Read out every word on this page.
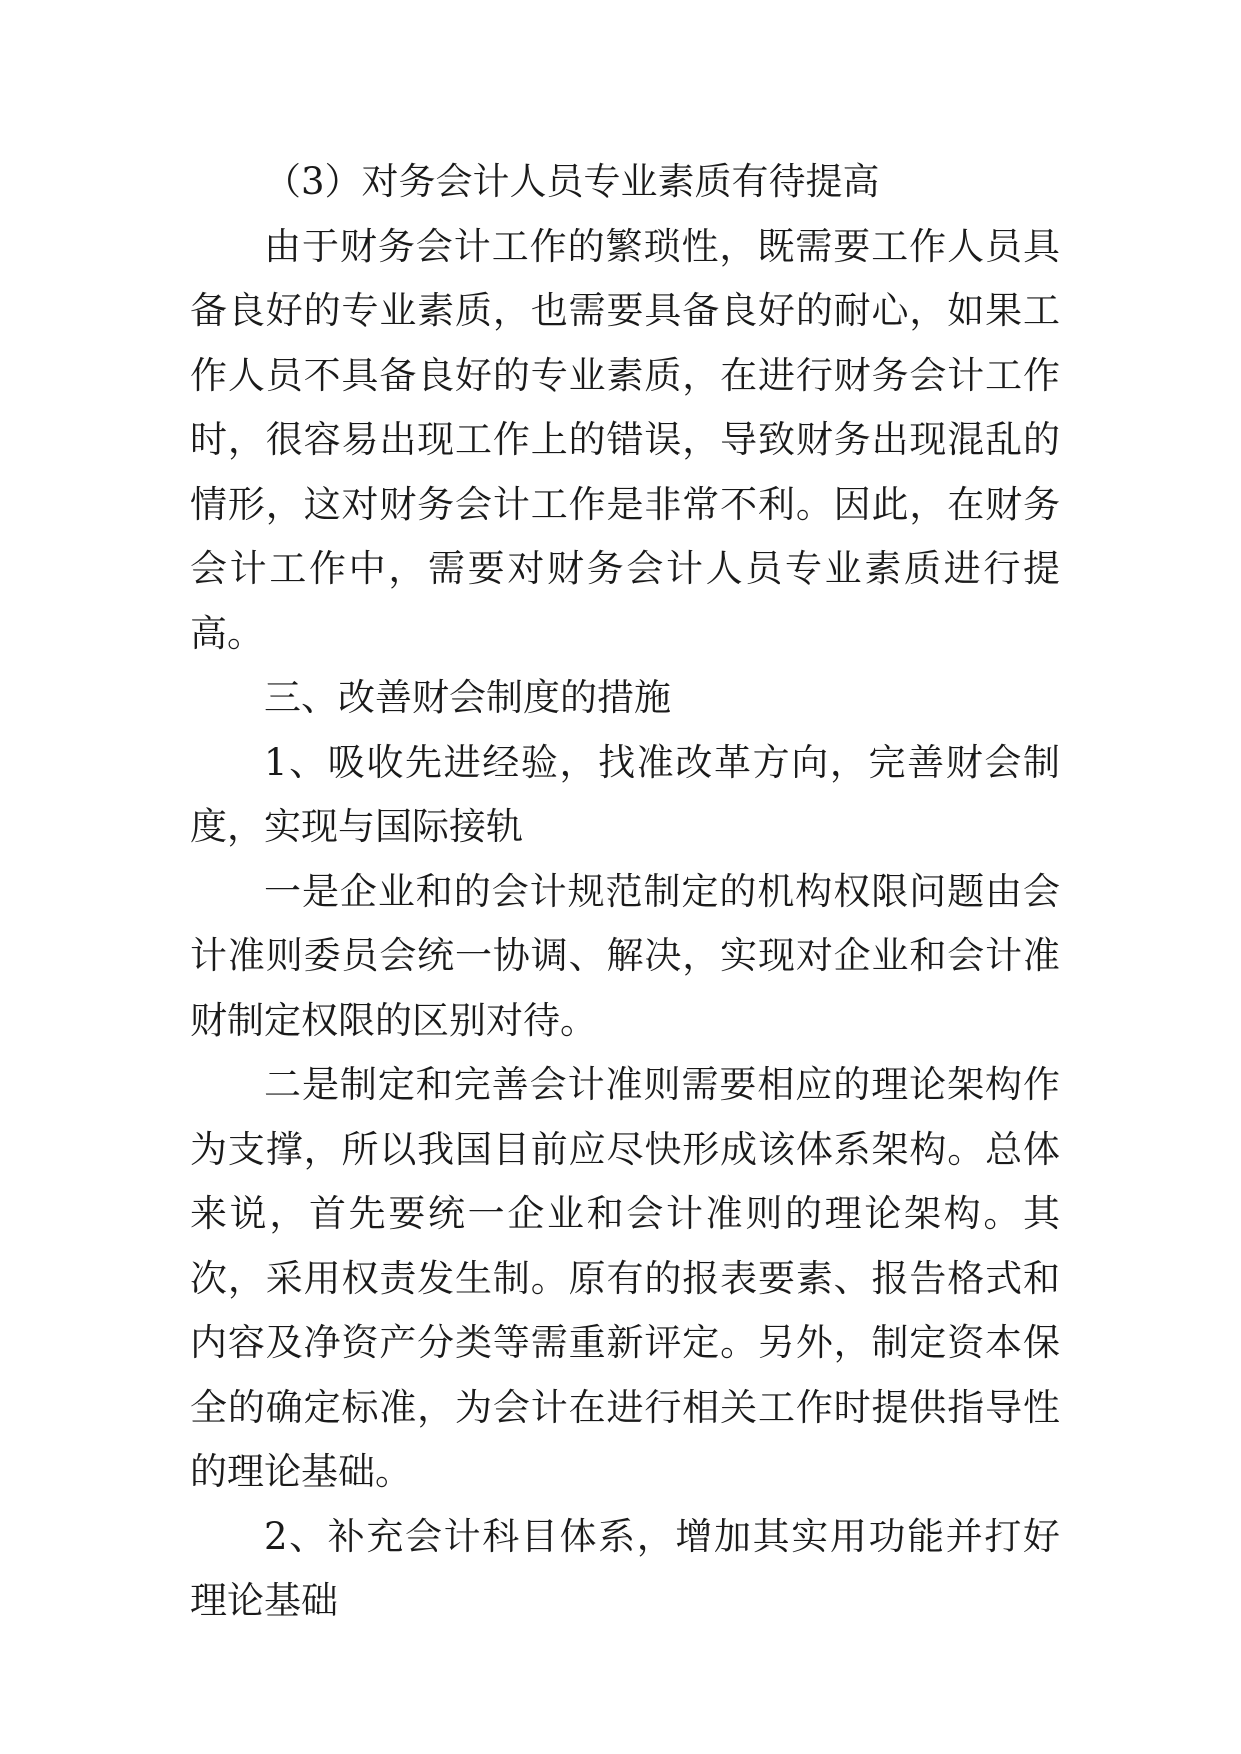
（3）对务会计人员专业素质有待提高

由于财务会计工作的繁琐性，既需要工作人员具备良好的专业素质，也需要具备良好的耐心，如果工作人员不具备良好的专业素质，在进行财务会计工作时，很容易出现工作上的错误，导致财务出现混乱的情形，这对财务会计工作是非常不利。因此，在财务会计工作中，需要对财务会计人员专业素质进行提高。

三、改善财会制度的措施

1、吸收先进经验，找准改革方向，完善财会制度，实现与国际接轨

一是企业和的会计规范制定的机构权限问题由会计准则委员会统一协调、解决，实现对企业和会计准财制定权限的区别对待。

二是制定和完善会计准则需要相应的理论架构作为支撑，所以我国目前应尽快形成该体系架构。总体来说，首先要统一企业和会计准则的理论架构。其次，采用权责发生制。原有的报表要素、报告格式和内容及净资产分类等需重新评定。另外，制定资本保全的确定标准，为会计在进行相关工作时提供指导性的理论基础。

2、补充会计科目体系，增加其实用功能并打好理论基础
